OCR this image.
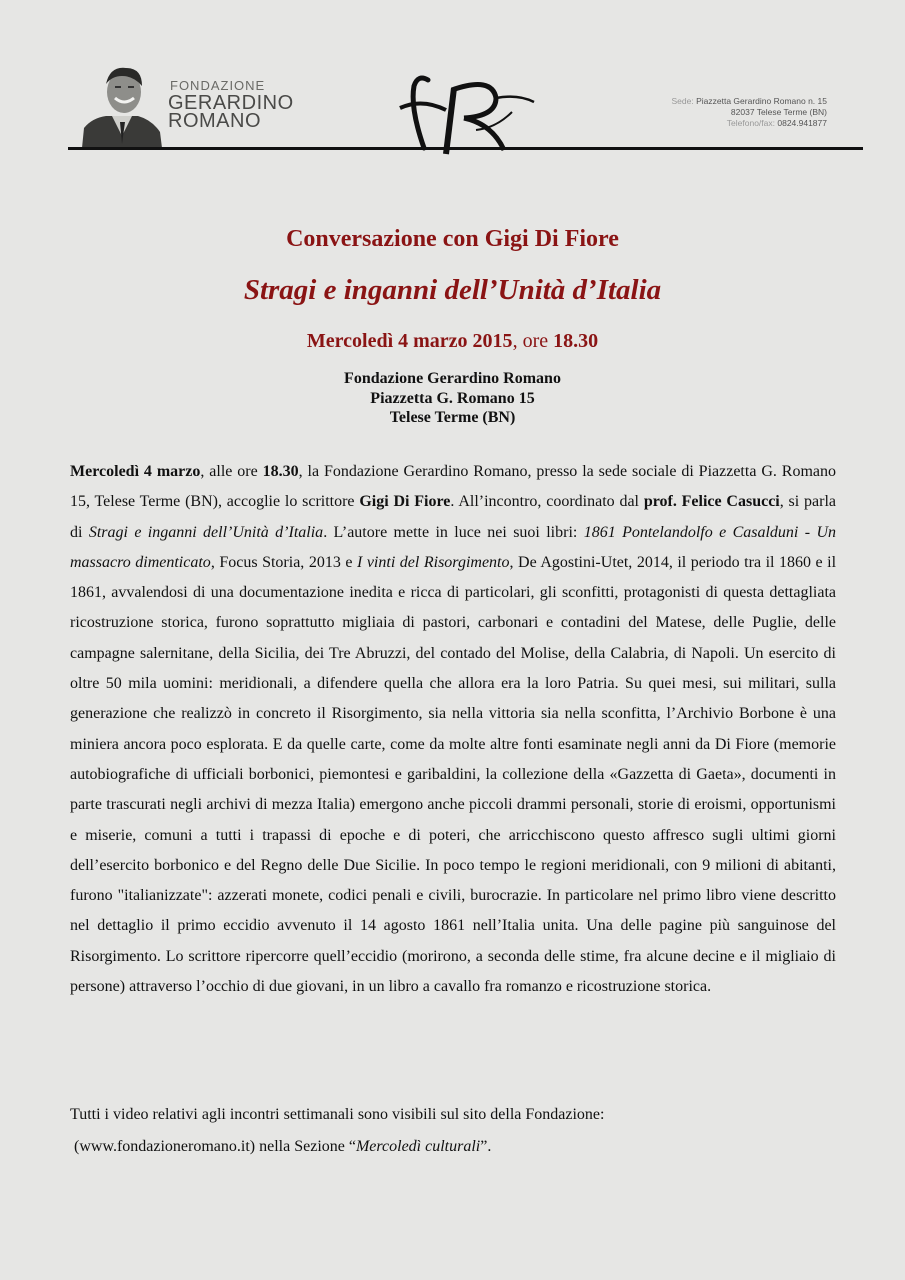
FONDAZIONE
GERARDINO
ROMANO
Sede: Piazzetta Gerardino Romano n. 15
82037 Telese Terme (BN)
Telefono/fax: 0824.941877
Conversazione con Gigi Di Fiore
Stragi e inganni dell’Unità d’Italia
Mercoledì 4 marzo 2015, ore 18.30
Fondazione Gerardino Romano
Piazzetta G. Romano 15
Telese Terme (BN)
Mercoledì 4 marzo, alle ore 18.30, la Fondazione Gerardino Romano, presso la sede sociale di Piazzetta G. Romano 15, Telese Terme (BN), accoglie lo scrittore Gigi Di Fiore. All’incontro, coordinato dal prof. Felice Casucci, si parla di Stragi e inganni dell’Unità d’Italia. L’autore mette in luce nei suoi libri: 1861 Pontelandolfo e Casalduni - Un massacro dimenticato, Focus Storia, 2013 e I vinti del Risorgimento, De Agostini-Utet, 2014, il periodo tra il 1860 e il 1861, avvalendosi di una documentazione inedita e ricca di particolari, gli sconfitti, protagonisti di questa dettagliata ricostruzione storica, furono soprattutto migliaia di pastori, carbonari e contadini del Matese, delle Puglie, delle campagne salernitane, della Sicilia, dei Tre Abruzzi, del contado del Molise, della Calabria, di Napoli. Un esercito di oltre 50 mila uomini: meridionali, a difendere quella che allora era la loro Patria. Su quei mesi, sui militari, sulla generazione che realizzò in concreto il Risorgimento, sia nella vittoria sia nella sconfitta, l’Archivio Borbone è una miniera ancora poco esplorata. E da quelle carte, come da molte altre fonti esaminate negli anni da Di Fiore (memorie autobiografiche di ufficiali borbonici, piemontesi e garibaldini, la collezione della «Gazzetta di Gaeta», documenti in parte trascurati negli archivi di mezza Italia) emergono anche piccoli drammi personali, storie di eroismi, opportunismi e miserie, comuni a tutti i trapassi di epoche e di poteri, che arricchiscono questo affresco sugli ultimi giorni dell’esercito borbonico e del Regno delle Due Sicilie. In poco tempo le regioni meridionali, con 9 milioni di abitanti, furono "italianizzate": azzerati monete, codici penali e civili, burocrazie. In particolare nel primo libro viene descritto nel dettaglio il primo eccidio avvenuto il 14 agosto 1861 nell’Italia unita. Una delle pagine più sanguinose del Risorgimento. Lo scrittore ripercorre quell’eccidio (morirono, a seconda delle stime, fra alcune decine e il migliaio di persone) attraverso l’occhio di due giovani, in un libro a cavallo fra romanzo e ricostruzione storica.
Tutti i video relativi agli incontri settimanali sono visibili sul sito della Fondazione:
(www.fondazioneromano.it) nella Sezione “Mercoledì culturali”.
